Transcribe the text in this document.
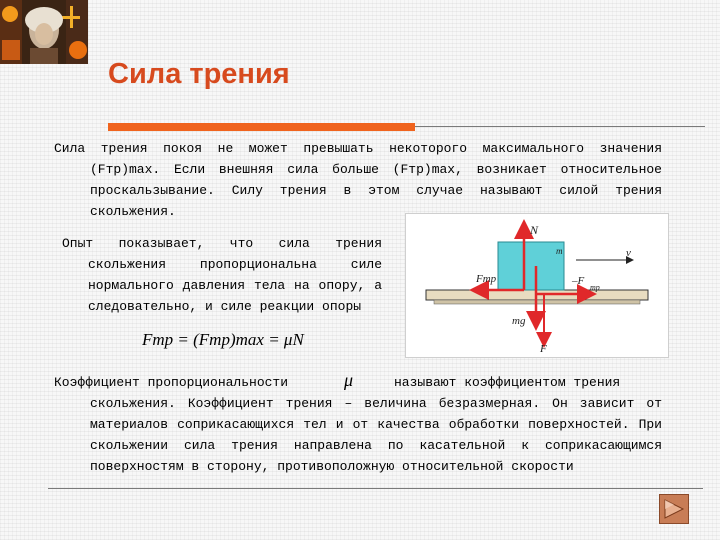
Сила трения
Сила трения покоя не может превышать некоторого максимального значения
(Fтр)max. Если внешняя сила больше (Fтр)max, возникает относительное
проскальзывание. Силу трения в этом случае называют силой трения
скольжения.
Опыт показывает, что сила трения
скольжения пропорциональна силе
нормального давления тела на опору, а
следовательно, и силе реакции опоры
N
m	v
Fтр	–F
тр
mg
F
Fтр = (Fтр)max = μN
Коэффициент пропорциональности	называют коэффициентом трения
скольжения. Коэффициент трения – величина безразмерная. Он зависит от
материалов соприкасающихся тел и от качества обработки поверхностей. При
скольжении сила трения направлена по касательной к соприкасающимся
поверхностям в сторону, противоположную относительной скорости
μ
